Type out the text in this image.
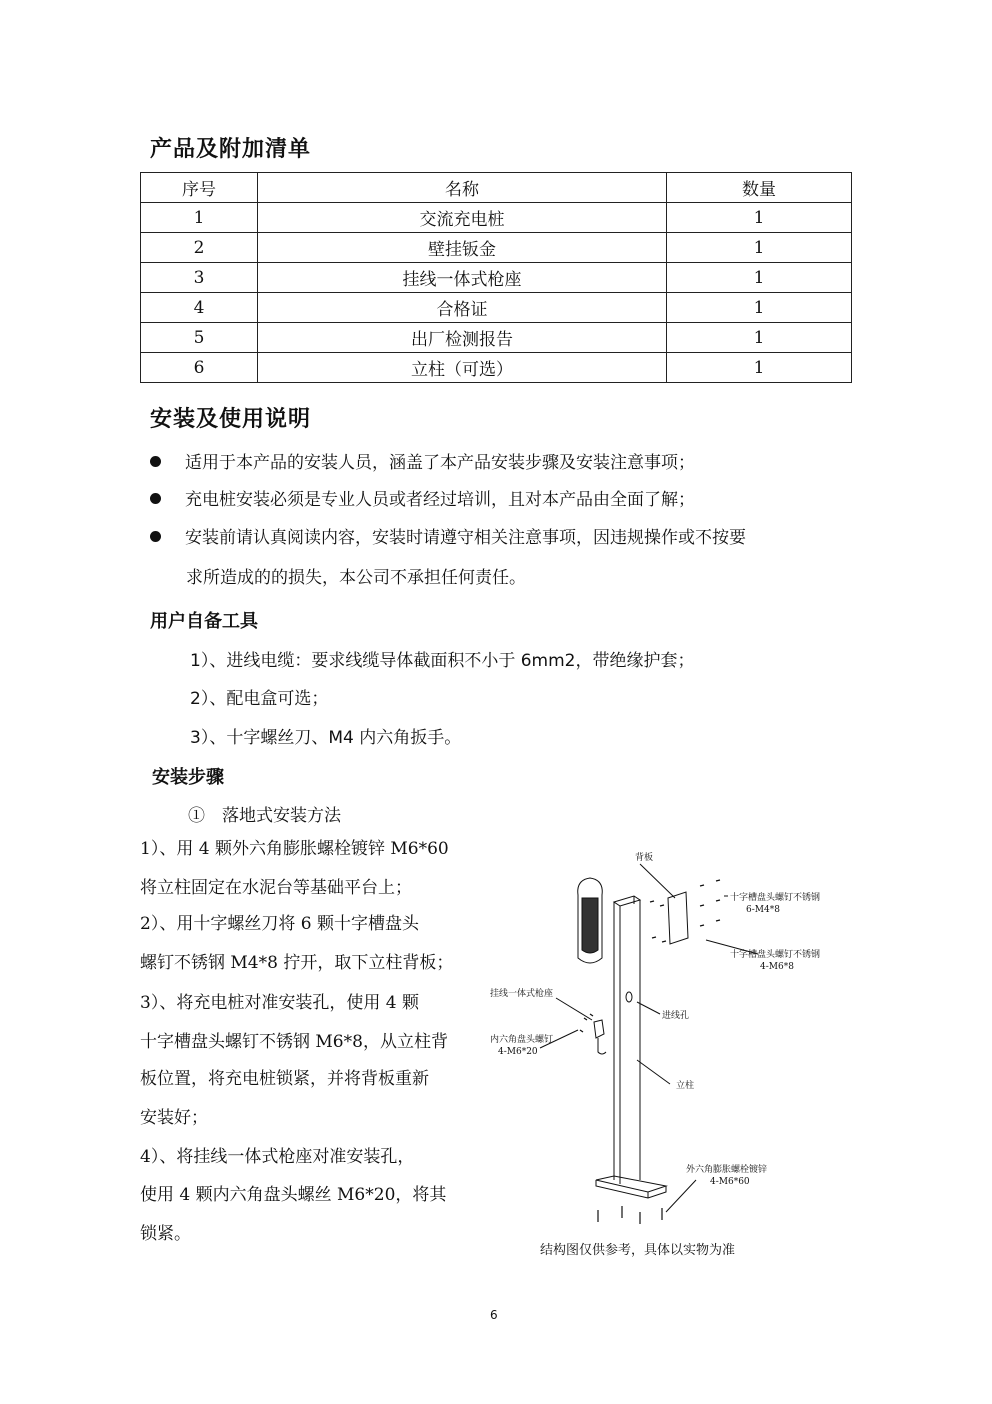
产品及附加清单
序号	名称	数量
1	交流充电桩	1
2	壁挂钣金	1
3	挂线一体式枪座	1
4	合格证	1
5	出厂检测报告	1
6	立柱（可选）	1
安装及使用说明
适用于本产品的安装人员，涵盖了本产品安装步骤及安装注意事项；
充电桩安装必须是专业人员或者经过培训，且对本产品由全面了解；
安装前请认真阅读内容，安装时请遵守相关注意事项，因违规操作或不按要
求所造成的的损失，本公司不承担任何责任。
用户自备工具
1）、进线电缆：要求线缆导体截面积不小于 6mm2，带绝缘护套；
2）、配电盒可选；
3）、十字螺丝刀、M4 内六角扳手。
安装步骤
①　落地式安装方法
1）、用 4 颗外六角膨胀螺栓镀锌 M6*60
将立柱固定在水泥台等基础平台上；
2）、用十字螺丝刀将 6 颗十字槽盘头
螺钉不锈钢 M4*8 拧开，取下立柱背板；
3）、将充电桩对准安装孔，使用 4 颗
十字槽盘头螺钉不锈钢 M6*8，从立柱背
板位置，将充电桩锁紧，并将背板重新
安装好；
4）、将挂线一体式枪座对准安装孔，
使用 4 颗内六角盘头螺丝 M6*20，将其
锁紧。
背板
十字槽盘头螺钉不锈钢
6-M4*8
十字槽盘头螺钉不锈钢
4-M6*8
挂线一体式枪座
进线孔
内六角盘头螺钉
4-M6*20
立柱
外六角膨胀螺栓镀锌
4-M6*60
结构图仅供参考，具体以实物为准
6
